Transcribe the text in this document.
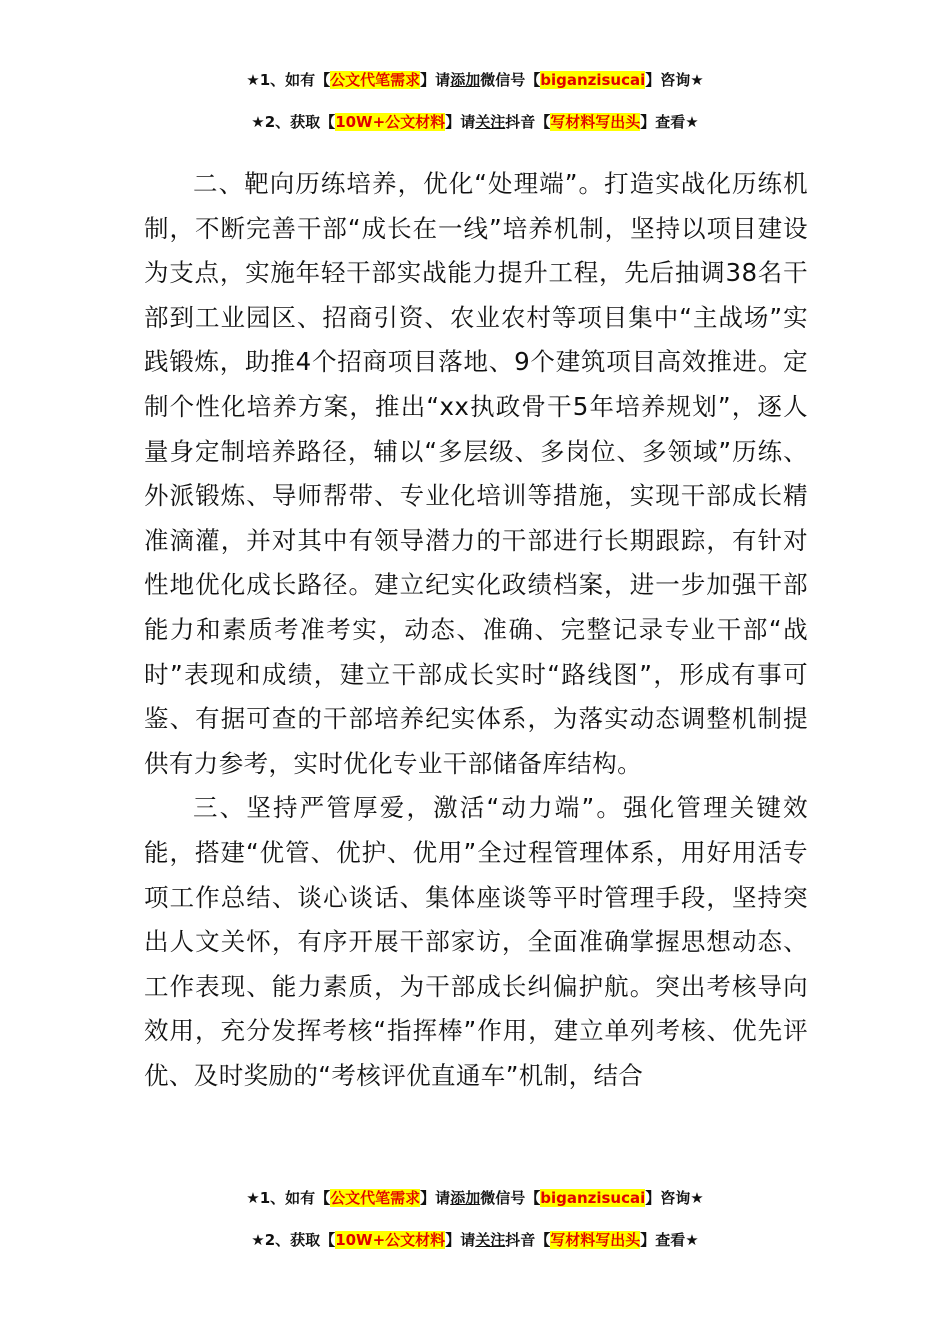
★1、如有【公文代笔需求】请添加微信号【biganzisucai】咨询★
★2、获取【10W+公文材料】请关注抖音【写材料写出头】查看★

二、靶向历练培养，优化“处理端”。打造实战化历练机制，不断完善干部“成长在一线”培养机制，坚持以项目建设为支点，实施年轻干部实战能力提升工程，先后抽调38名干部到工业园区、招商引资、农业农村等项目集中“主战场”实践锻炼，助推4个招商项目落地、9个建筑项目高效推进。定制个性化培养方案，推出“xx执政骨干5年培养规划”，逐人量身定制培养路径，辅以“多层级、多岗位、多领域”历练、外派锻炼、导师帮带、专业化培训等措施，实现干部成长精准滴灌，并对其中有领导潜力的干部进行长期跟踪，有针对性地优化成长路径。建立纪实化政绩档案，进一步加强干部能力和素质考准考实，动态、准确、完整记录专业干部“战时”表现和成绩，建立干部成长实时“路线图”，形成有事可鉴、有据可查的干部培养纪实体系，为落实动态调整机制提供有力参考，实时优化专业干部储备库结构。

三、坚持严管厚爱，激活“动力端”。强化管理关键效能，搭建“优管、优护、优用”全过程管理体系，用好用活专项工作总结、谈心谈话、集体座谈等平时管理手段，坚持突出人文关怀，有序开展干部家访，全面准确掌握思想动态、工作表现、能力素质，为干部成长纠偏护航。突出考核导向效用，充分发挥考核“指挥棒”作用，建立单列考核、优先评优、及时奖励的“考核评优直通车”机制，结合

★1、如有【公文代笔需求】请添加微信号【biganzisucai】咨询★
★2、获取【10W+公文材料】请关注抖音【写材料写出头】查看★
